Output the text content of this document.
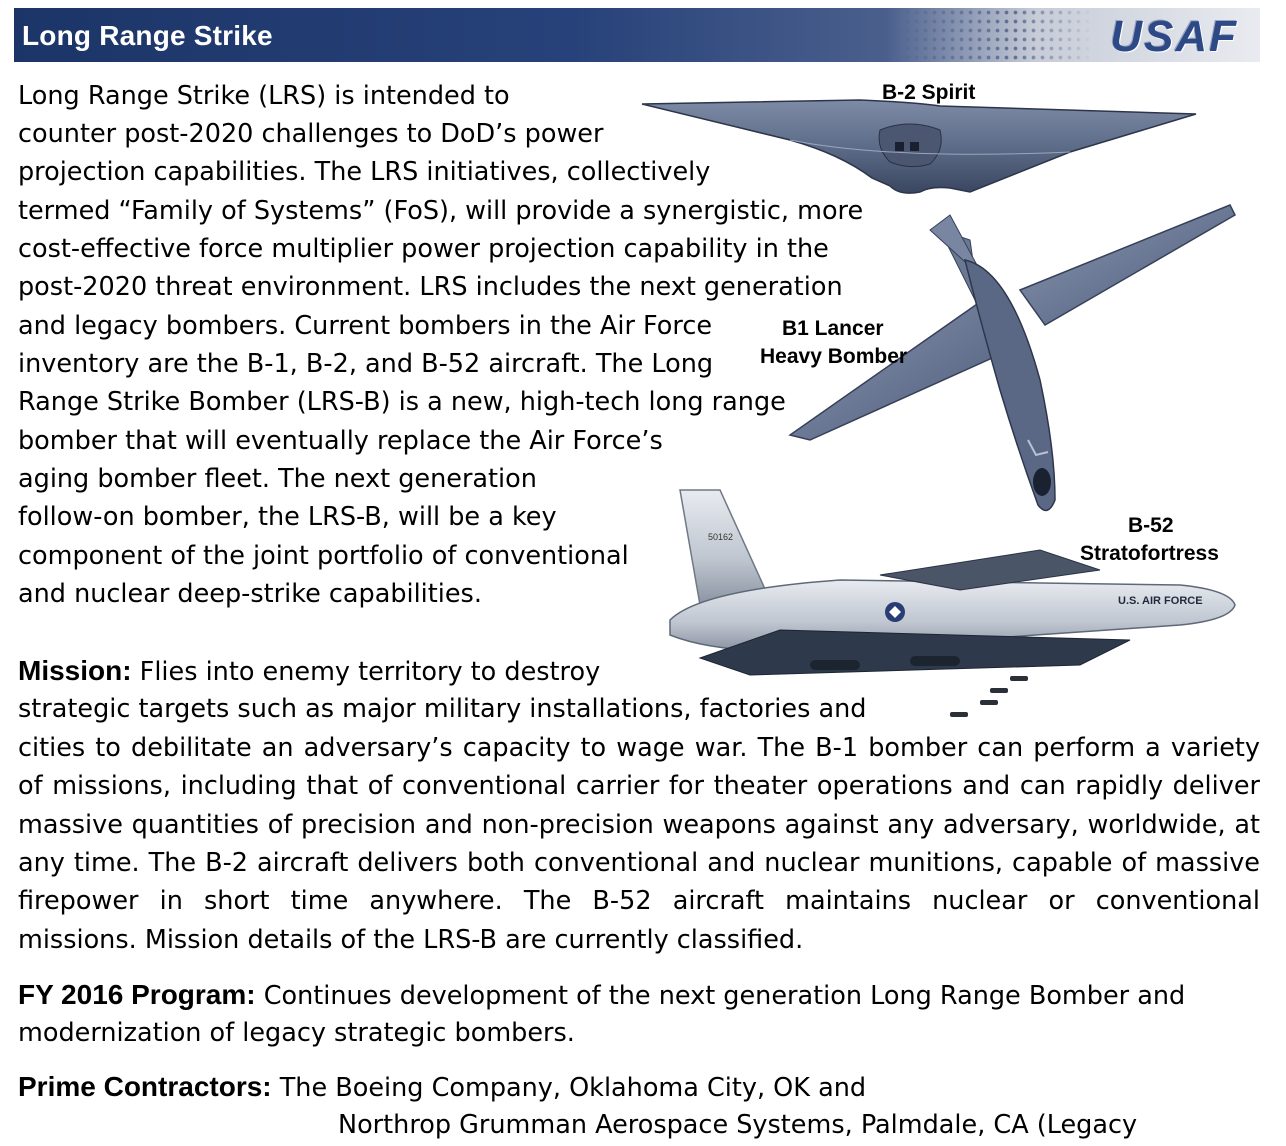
Long Range Strike	USAF
Long Range Strike (LRS) is intended to
counter post-2020 challenges to DoD’s power
projection capabilities. The LRS initiatives, collectively
termed “Family of Systems” (FoS), will provide a synergistic, more
cost-effective force multiplier power projection capability in the
post-2020 threat environment. LRS includes the next generation
and legacy bombers. Current bombers in the Air Force
inventory are the B-1, B-2, and B-52 aircraft. The Long
Range Strike Bomber (LRS-B) is a new, high-tech long range
bomber that will eventually replace the Air Force’s
aging bomber fleet. The next generation
follow-on bomber, the LRS-B, will be a key
component of the joint portfolio of conventional
and nuclear deep-strike capabilities.
B-2 Spirit
B1 Lancer
Heavy Bomber
50162
U.S. AIR FORCE
B-52
Stratofortress
Mission: Flies into enemy territory to destroy
strategic targets such as major military installations, factories and
cities to debilitate an adversary’s capacity to wage war. The B-1 bomber can perform a variety
of missions, including that of conventional carrier for theater operations and can rapidly deliver
massive quantities of precision and non-precision weapons against any adversary, worldwide, at
any time. The B-2 aircraft delivers both conventional and nuclear munitions, capable of massive
firepower in short time anywhere. The B-52 aircraft maintains nuclear or conventional
missions. Mission details of the LRS-B are currently classified.
FY 2016 Program: Continues development of the next generation Long Range Bomber and
modernization of legacy strategic bombers.
Prime Contractors: The Boeing Company, Oklahoma City, OK and
Northrop Grumman Aerospace Systems, Palmdale, CA (Legacy
